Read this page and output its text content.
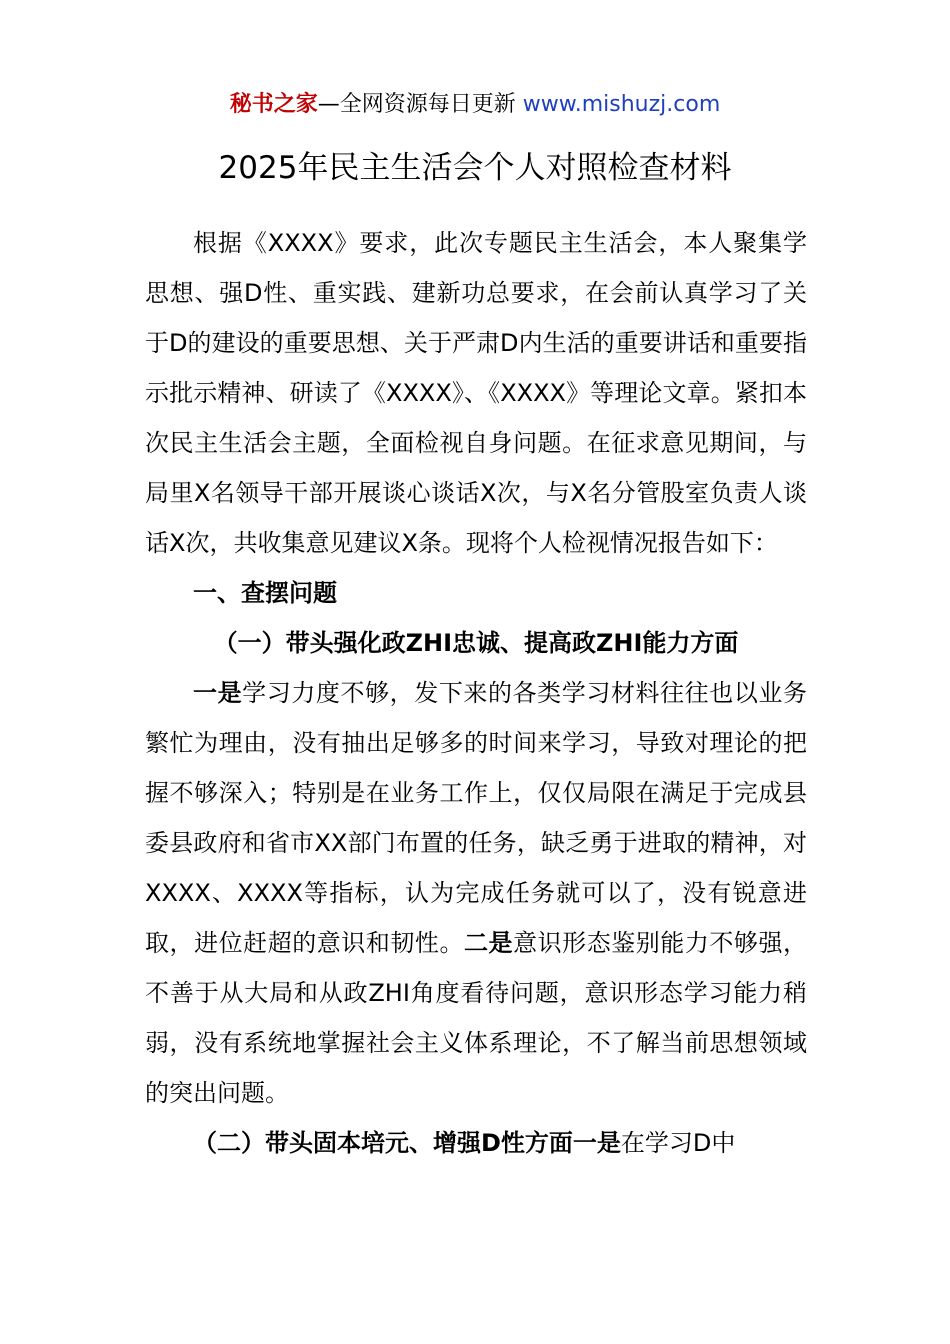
秘书之家—全网资源每日更新 www.mishuzj.com
2025年民主生活会个人对照检查材料

根据《XXXX》要求，此次专题民主生活会，本人聚集学思想、强D性、重实践、建新功总要求，在会前认真学习了关于D的建设的重要思想、关于严肃D内生活的重要讲话和重要指示批示精神、研读了《XXXX》、《XXXX》等理论文章。紧扣本次民主生活会主题，全面检视自身问题。在征求意见期间，与局里X名领导干部开展谈心谈话X次，与X名分管股室负责人谈话X次，共收集意见建议X条。现将个人检视情况报告如下：

一、查摆问题

（一）带头强化政ZHI忠诚、提高政ZHI能力方面

一是学习力度不够，发下来的各类学习材料往往也以业务繁忙为理由，没有抽出足够多的时间来学习，导致对理论的把握不够深入；特别是在业务工作上，仅仅局限在满足于完成县委县政府和省市XX部门布置的任务，缺乏勇于进取的精神，对XXXX、XXXX等指标，认为完成任务就可以了，没有锐意进取，进位赶超的意识和韧性。二是意识形态鉴别能力不够强，不善于从大局和从政ZHI角度看待问题，意识形态学习能力稍弱，没有系统地掌握社会主义体系理论，不了解当前思想领域的突出问题。

（二）带头固本培元、增强D性方面一是在学习D中
